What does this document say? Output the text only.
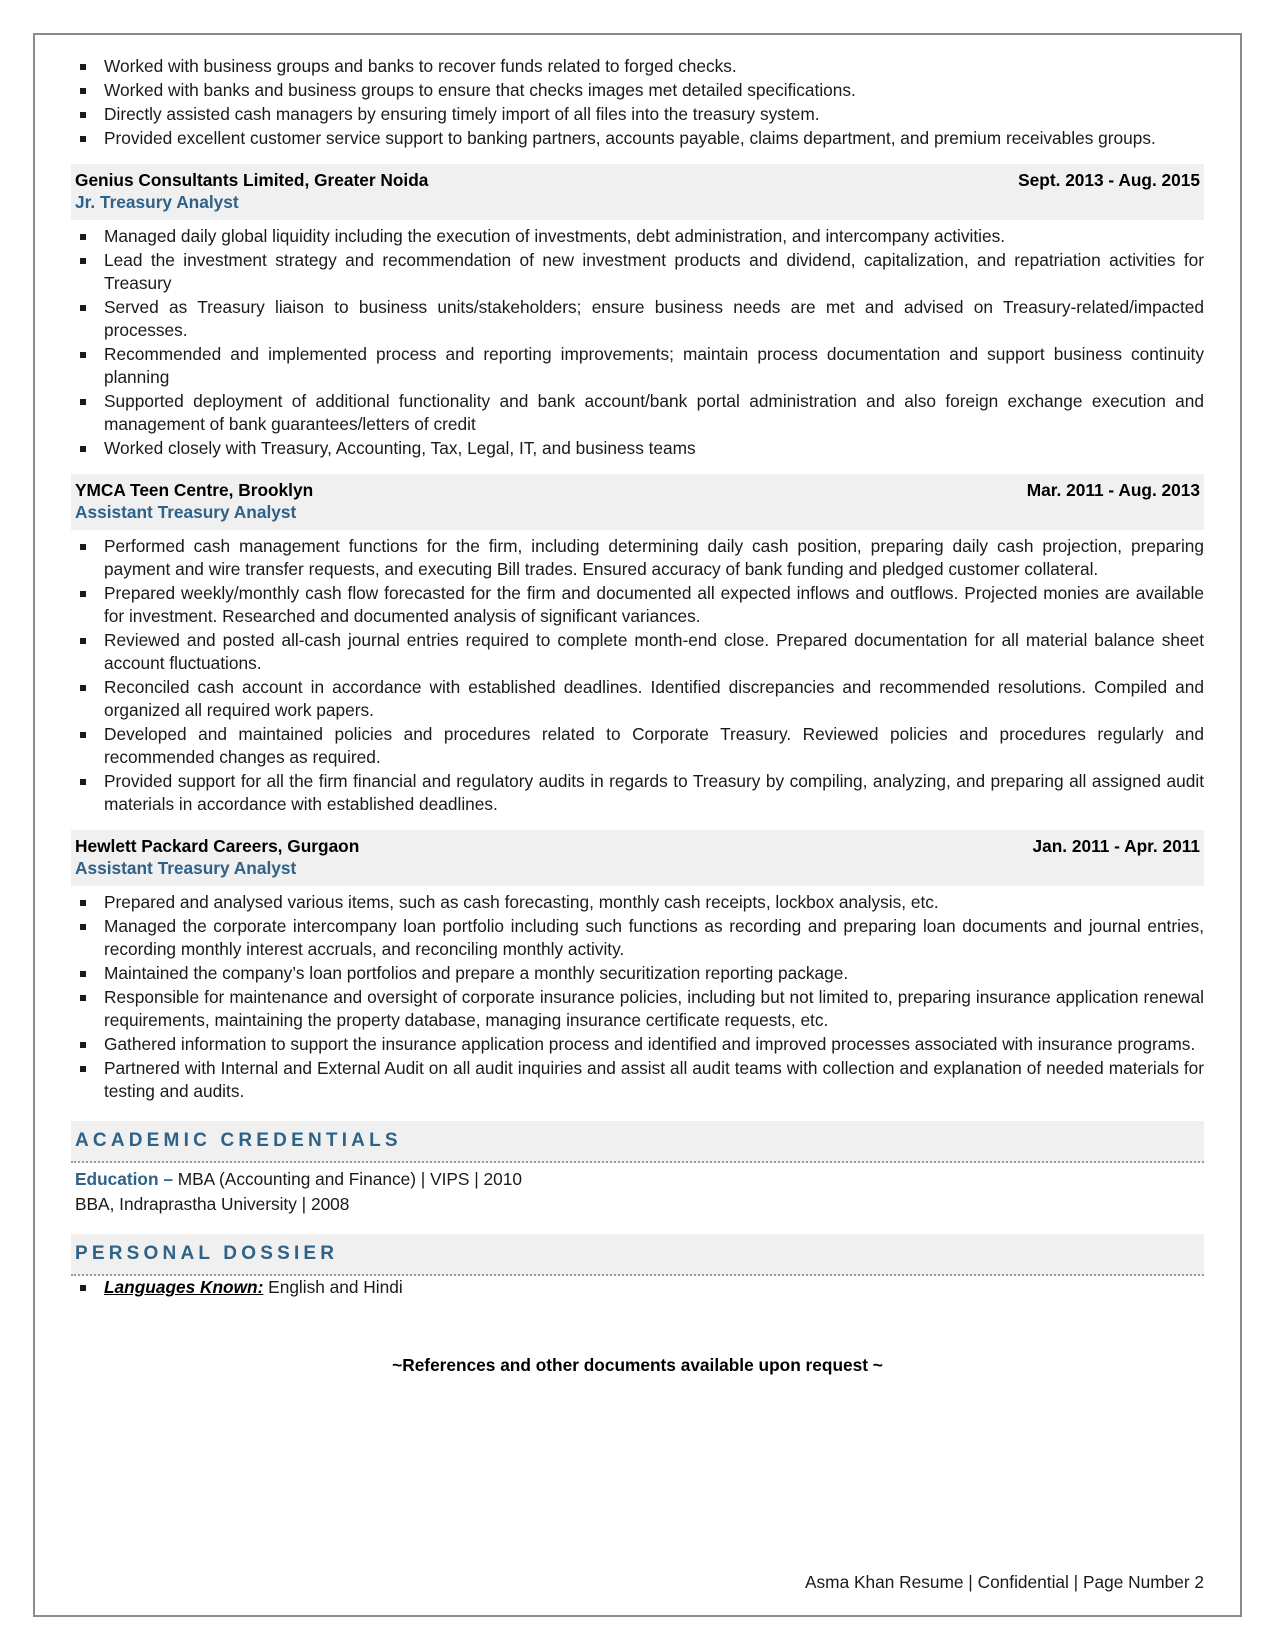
Worked with business groups and banks to recover funds related to forged checks.
Worked with banks and business groups to ensure that checks images met detailed specifications.
Directly assisted cash managers by ensuring timely import of all files into the treasury system.
Provided excellent customer service support to banking partners, accounts payable, claims department, and premium receivables groups.
Genius Consultants Limited, Greater Noida	Sept. 2013 - Aug. 2015
Jr. Treasury Analyst
Managed daily global liquidity including the execution of investments, debt administration, and intercompany activities.
Lead the investment strategy and recommendation of new investment products and dividend, capitalization, and repatriation activities for Treasury
Served as Treasury liaison to business units/stakeholders; ensure business needs are met and advised on Treasury-related/impacted processes.
Recommended and implemented process and reporting improvements; maintain process documentation and support business continuity planning
Supported deployment of additional functionality and bank account/bank portal administration and also foreign exchange execution and management of bank guarantees/letters of credit
Worked closely with Treasury, Accounting, Tax, Legal, IT, and business teams
YMCA Teen Centre, Brooklyn	Mar. 2011 - Aug. 2013
Assistant Treasury Analyst
Performed cash management functions for the firm, including determining daily cash position, preparing daily cash projection, preparing payment and wire transfer requests, and executing Bill trades. Ensured accuracy of bank funding and pledged customer collateral.
Prepared weekly/monthly cash flow forecasted for the firm and documented all expected inflows and outflows. Projected monies are available for investment. Researched and documented analysis of significant variances.
Reviewed and posted all-cash journal entries required to complete month-end close. Prepared documentation for all material balance sheet account fluctuations.
Reconciled cash account in accordance with established deadlines. Identified discrepancies and recommended resolutions. Compiled and organized all required work papers.
Developed and maintained policies and procedures related to Corporate Treasury. Reviewed policies and procedures regularly and recommended changes as required.
Provided support for all the firm financial and regulatory audits in regards to Treasury by compiling, analyzing, and preparing all assigned audit materials in accordance with established deadlines.
Hewlett Packard Careers, Gurgaon	Jan. 2011 - Apr. 2011
Assistant Treasury Analyst
Prepared and analysed various items, such as cash forecasting, monthly cash receipts, lockbox analysis, etc.
Managed the corporate intercompany loan portfolio including such functions as recording and preparing loan documents and journal entries, recording monthly interest accruals, and reconciling monthly activity.
Maintained the company’s loan portfolios and prepare a monthly securitization reporting package.
Responsible for maintenance and oversight of corporate insurance policies, including but not limited to, preparing insurance application renewal requirements, maintaining the property database, managing insurance certificate requests, etc.
Gathered information to support the insurance application process and identified and improved processes associated with insurance programs.
Partnered with Internal and External Audit on all audit inquiries and assist all audit teams with collection and explanation of needed materials for testing and audits.
ACADEMIC CREDENTIALS
Education – MBA (Accounting and Finance) | VIPS | 2010
BBA, Indraprastha University | 2008
PERSONAL DOSSIER
Languages Known: English and Hindi
~References and other documents available upon request ~
Asma Khan Resume | Confidential | Page Number 2
